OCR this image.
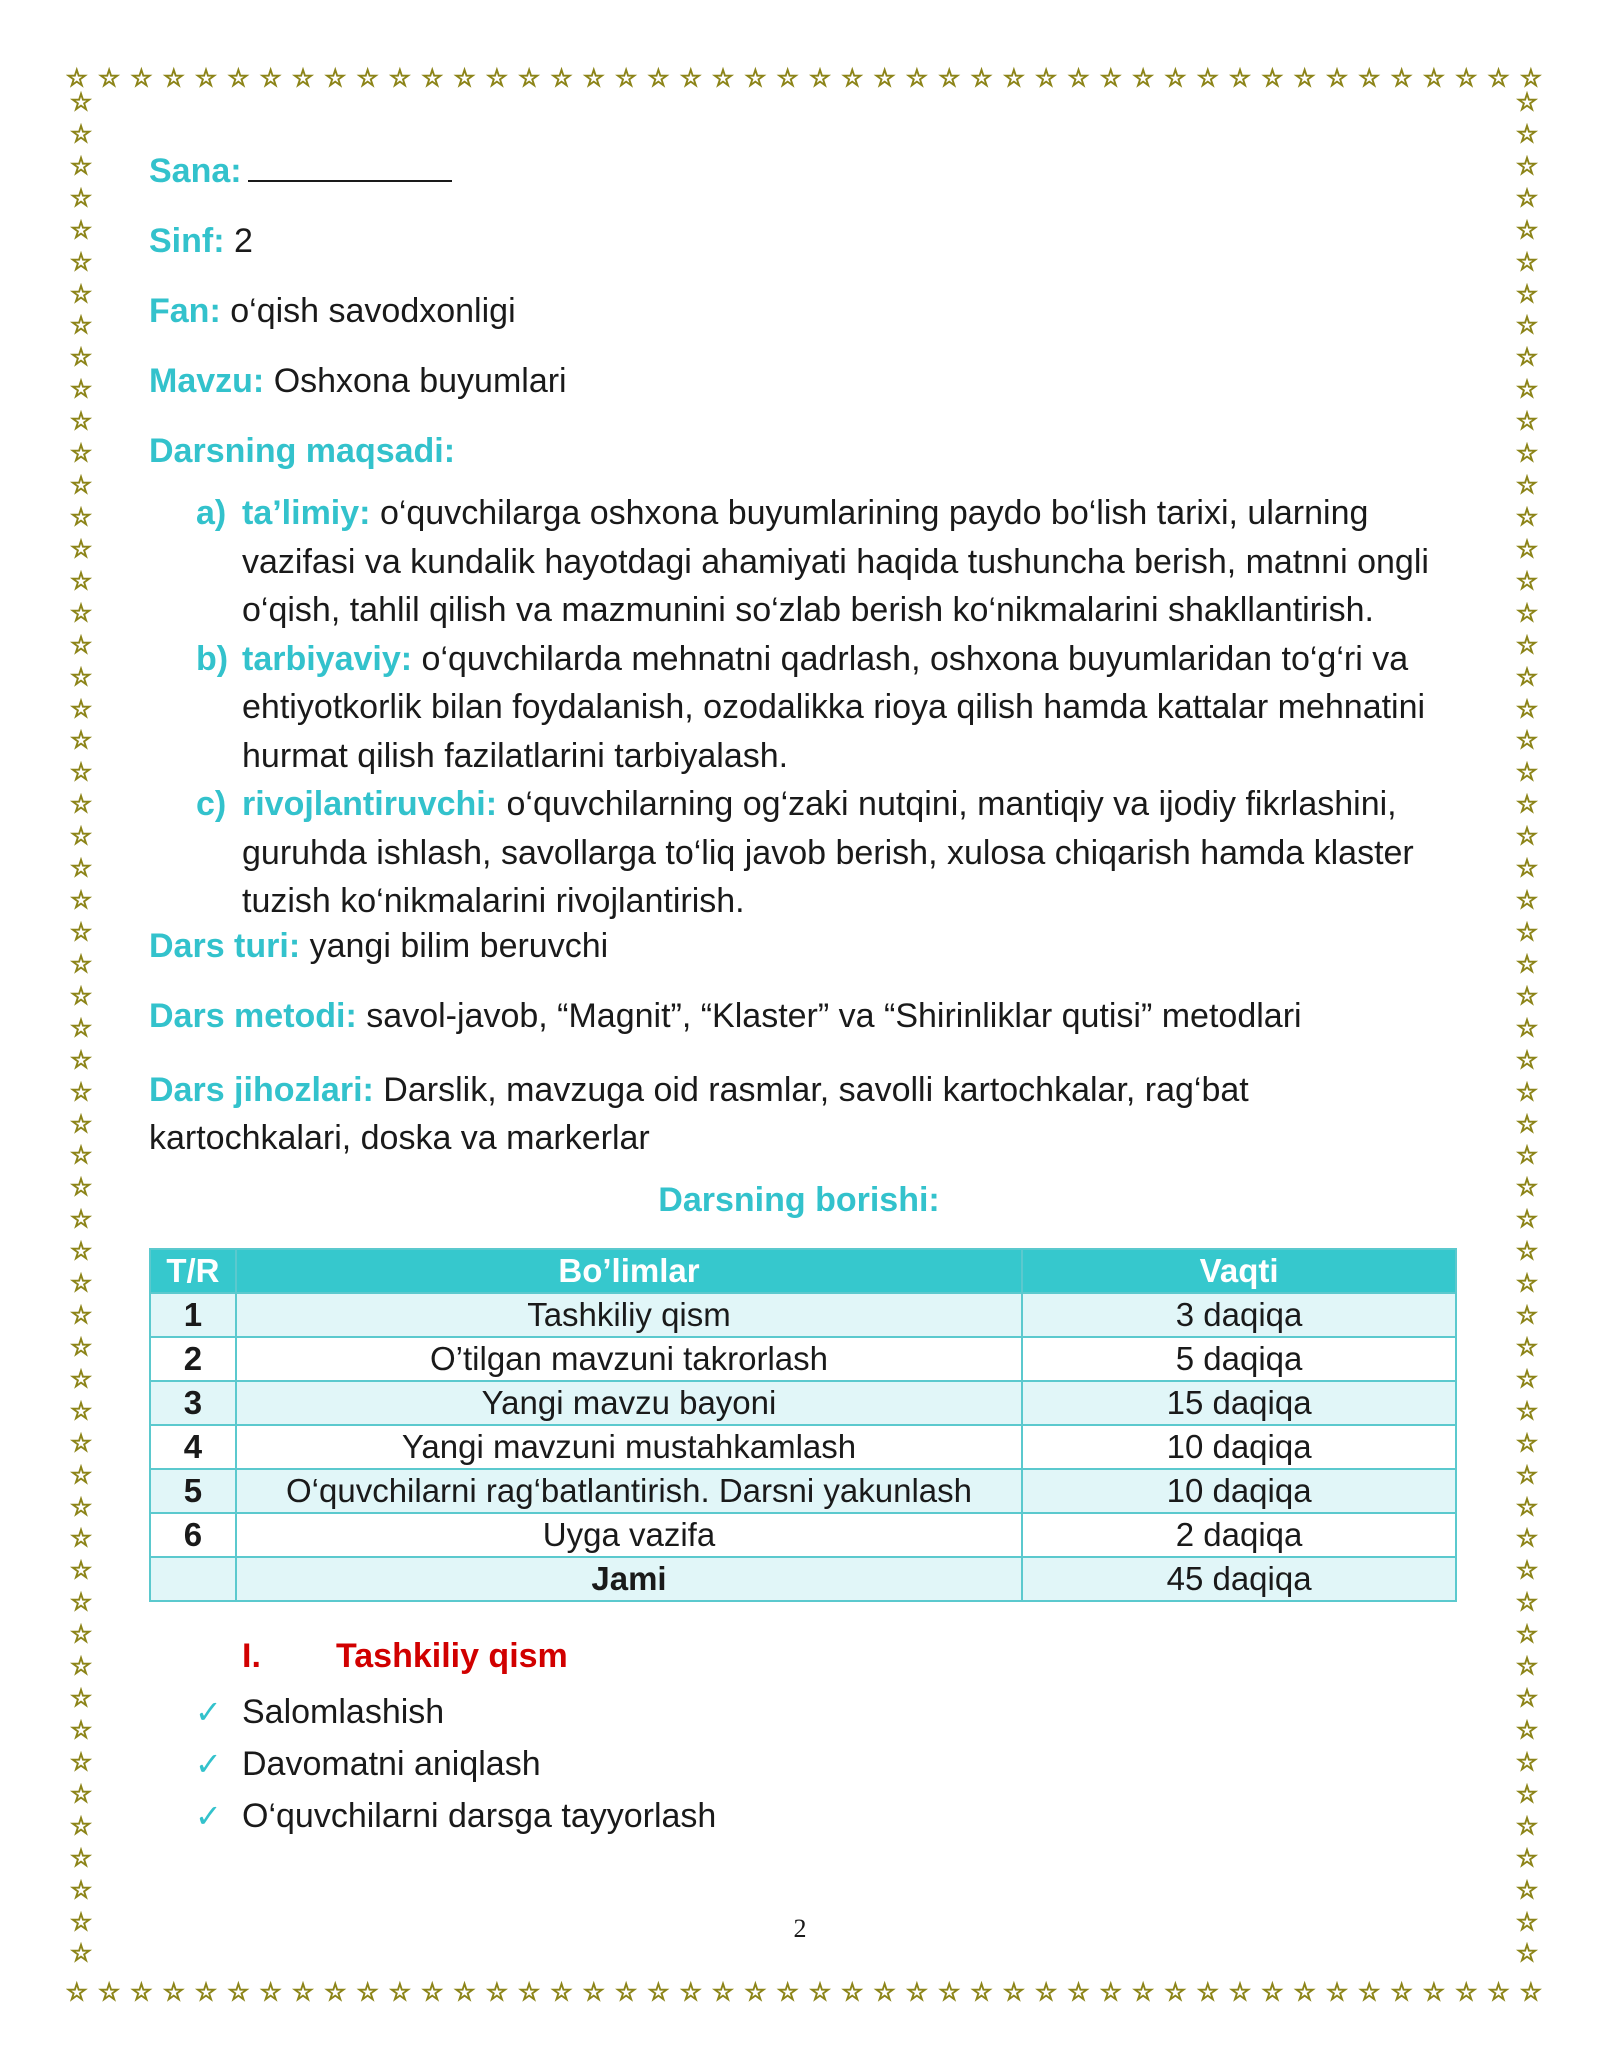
☆ ☆ ☆ ☆ ☆ ☆ ☆ ☆ ☆ ☆ ☆ ☆ ☆ ☆ ☆ ☆ ☆ ☆ ☆ ☆ ☆ ☆ ☆ ☆ ☆ ☆ ☆ ☆ ☆ ☆ ☆ ☆ ☆ ☆ ☆ ☆ ☆ ☆ ☆ ☆ ☆ ☆ ☆ ☆ ☆ ☆
☆ ☆ ☆ ☆ ☆ ☆ ☆ ☆ ☆ ☆ ☆ ☆ ☆ ☆ ☆ ☆ ☆ ☆ ☆ ☆ ☆ ☆ ☆ ☆ ☆ ☆ ☆ ☆ ☆ ☆ ☆ ☆ ☆ ☆ ☆ ☆ ☆ ☆ ☆ ☆ ☆ ☆ ☆ ☆ ☆ ☆
☆
☆
☆
☆
☆
☆
☆
☆
☆
☆
☆
☆
☆
☆
☆
☆
☆
☆
☆
☆
☆
☆
☆
☆
☆
☆
☆
☆
☆
☆
☆
☆
☆
☆
☆
☆
☆
☆
☆
☆
☆
☆
☆
☆
☆
☆
☆
☆
☆
☆
☆
☆
☆
☆
☆
☆
☆
☆
☆
☆
☆
☆
☆
☆
☆
☆
☆
☆
☆
☆
☆
☆
☆
☆
☆
☆
☆
☆
☆
☆
☆
☆
☆
☆
☆
☆
☆
☆
☆
☆
☆
☆
☆
☆
☆
☆
☆
☆
☆
☆
☆
☆
☆
☆
☆
☆
☆
☆
☆
☆
☆
☆
☆
☆
☆
☆
☆
☆
Sana:
Sinf: 2
Fan: o‘qish savodxonligi
Mavzu: Oshxona buyumlari
Darsning maqsadi:
a) ta’limiy: o‘quvchilarga oshxona buyumlarining paydo bo‘lish tarixi, ularning vazifasi va kundalik hayotdagi ahamiyati haqida tushuncha berish, matnni ongli o‘qish, tahlil qilish va mazmunini so‘zlab berish ko‘nikmalarini shakllantirish.
b) tarbiyaviy: o‘quvchilarda mehnatni qadrlash, oshxona buyumlaridan to‘g‘ri va ehtiyotkorlik bilan foydalanish, ozodalikka rioya qilish hamda kattalar mehnatini hurmat qilish fazilatlarini tarbiyalash.
c) rivojlantiruvchi: o‘quvchilarning og‘zaki nutqini, mantiqiy va ijodiy fikrlashini, guruhda ishlash, savollarga to‘liq javob berish, xulosa chiqarish hamda klaster tuzish ko‘nikmalarini rivojlantirish.
Dars turi: yangi bilim beruvchi
Dars metodi: savol-javob, “Magnit”, “Klaster” va “Shirinliklar qutisi” metodlari
Dars jihozlari: Darslik, mavzuga oid rasmlar, savolli kartochkalar, rag‘bat kartochkalari, doska va markerlar
Darsning borishi:
T/R	Bo’limlar	Vaqti
1	Tashkiliy qism	3 daqiqa
2	O’tilgan mavzuni takrorlash	5 daqiqa
3	Yangi mavzu bayoni	15 daqiqa
4	Yangi mavzuni mustahkamlash	10 daqiqa
5	O‘quvchilarni rag‘batlantirish. Darsni yakunlash	10 daqiqa
6	Uyga vazifa	2 daqiqa
	Jami	45 daqiqa
I. Tashkiliy qism
✓ Salomlashish
✓ Davomatni aniqlash
✓ O‘quvchilarni darsga tayyorlash
2
